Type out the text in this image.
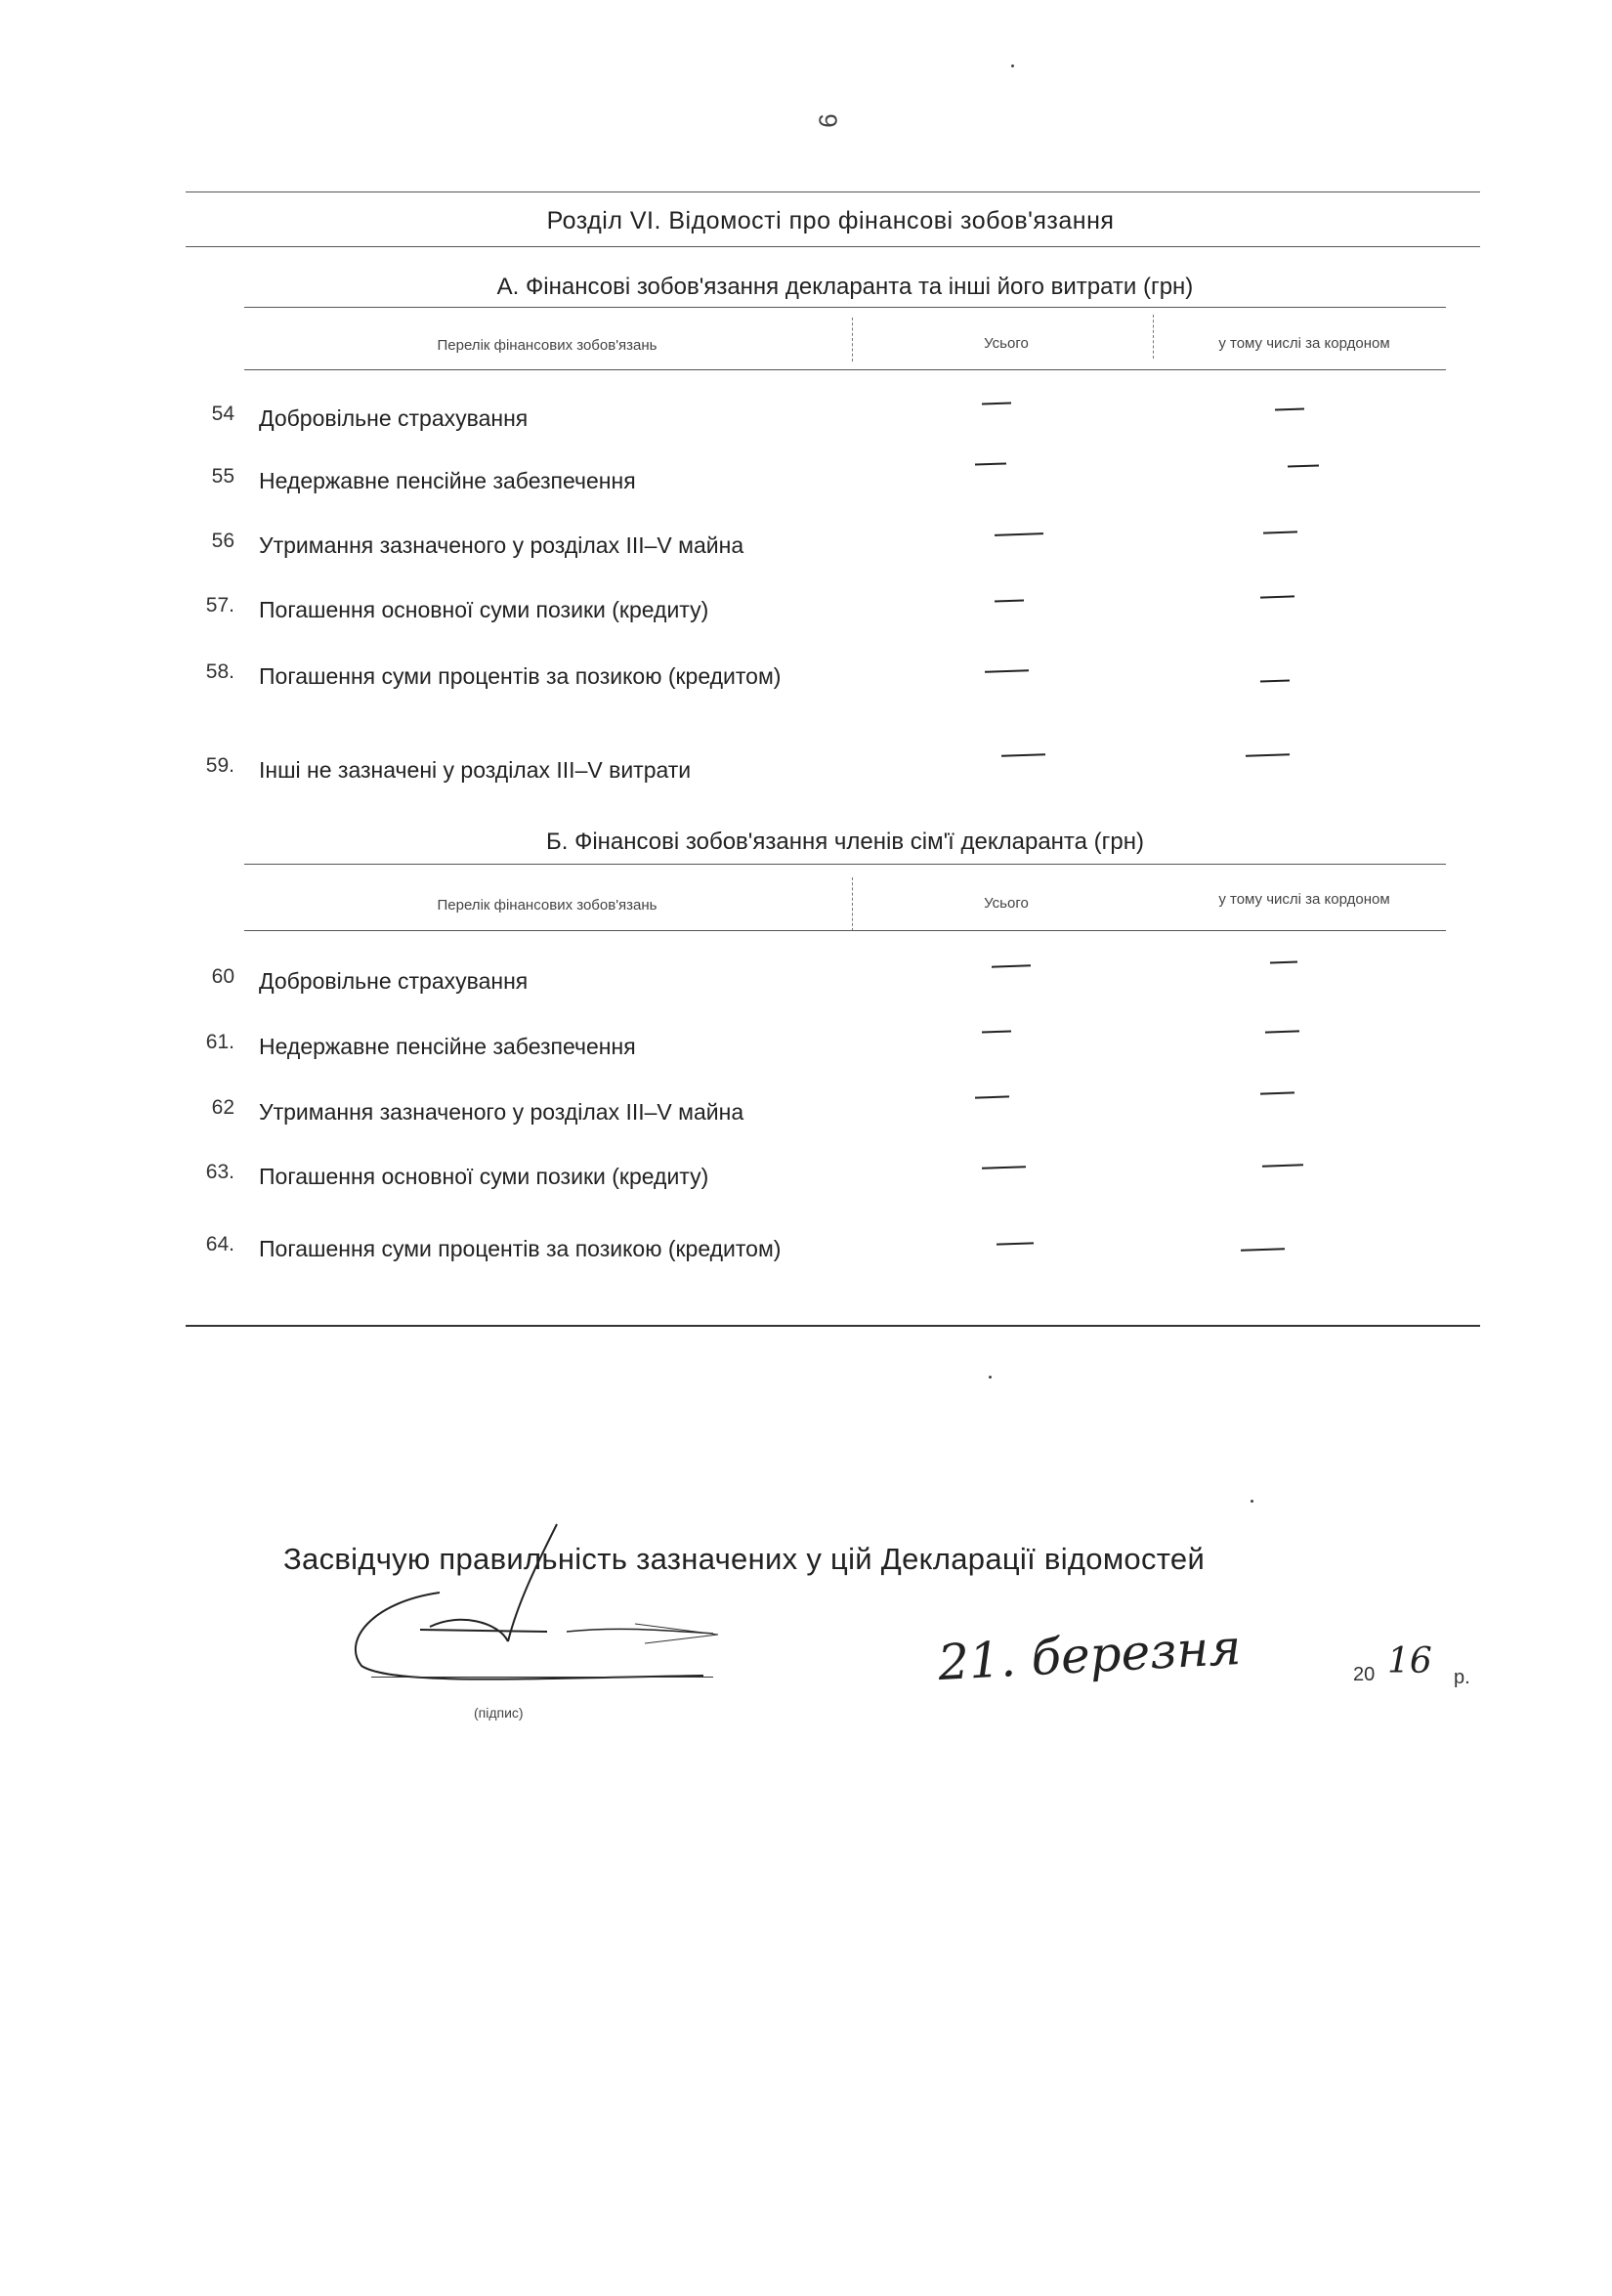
9
Розділ VI. Відомості про фінансові зобов'язання
А. Фінансові зобов'язання декларанта та інші його витрати (грн)
Перелік фінансових зобов'язань	Усього	у тому числі за кордоном
54 Добровільне страхування
55 Недержавне пенсійне забезпечення
56 Утримання зазначеного у розділах III–V майна
57. Погашення основної суми позики (кредиту)
58. Погашення суми процентів за позикою (кредитом)
59. Інші не зазначені у розділах III–V витрати
Б. Фінансові зобов'язання членів сім'ї декларанта (грн)
Перелік фінансових зобов'язань	Усього	у тому числі за кордоном
60 Добровільне страхування
61. Недержавне пенсійне забезпечення
62 Утримання зазначеного у розділах III–V майна
63. Погашення основної суми позики (кредиту)
64. Погашення суми процентів за позикою (кредитом)
Засвідчую правильність зазначених у цій Декларації відомостей
(підпис)
21. березня	20 16 р.
